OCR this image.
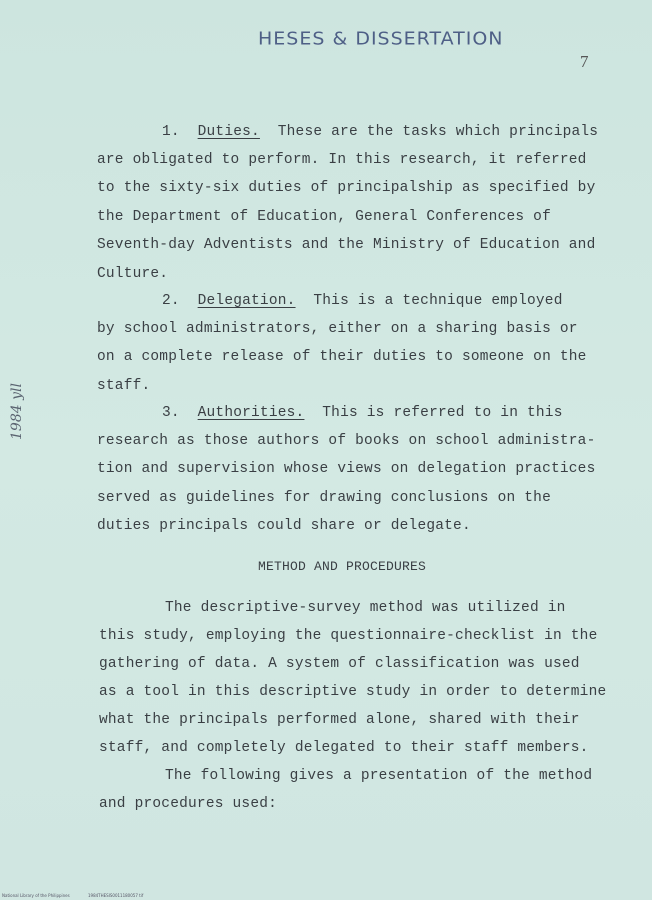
HESES & DISSERTATION
7
1984 yll
1. Duties. These are the tasks which principals
are obligated to perform. In this research, it referred
to the sixty-six duties of principalship as specified by
the Department of Education, General Conferences of
Seventh-day Adventists and the Ministry of Education and
Culture.
2. Delegation. This is a technique employed
by school administrators, either on a sharing basis or
on a complete release of their duties to someone on the
staff.
3. Authorities. This is referred to in this
research as those authors of books on school administra-
tion and supervision whose views on delegation practices
served as guidelines for drawing conclusions on the
duties principals could share or delegate.
METHOD AND PROCEDURES
The descriptive-survey method was utilized in
this study, employing the questionnaire-checklist in the
gathering of data. A system of classification was used
as a tool in this descriptive study in order to determine
what the principals performed alone, shared with their
staff, and completely delegated to their staff members.
The following gives a presentation of the method
and procedures used:
National Library of the Philippines	1984THESIS0011180057 tif
